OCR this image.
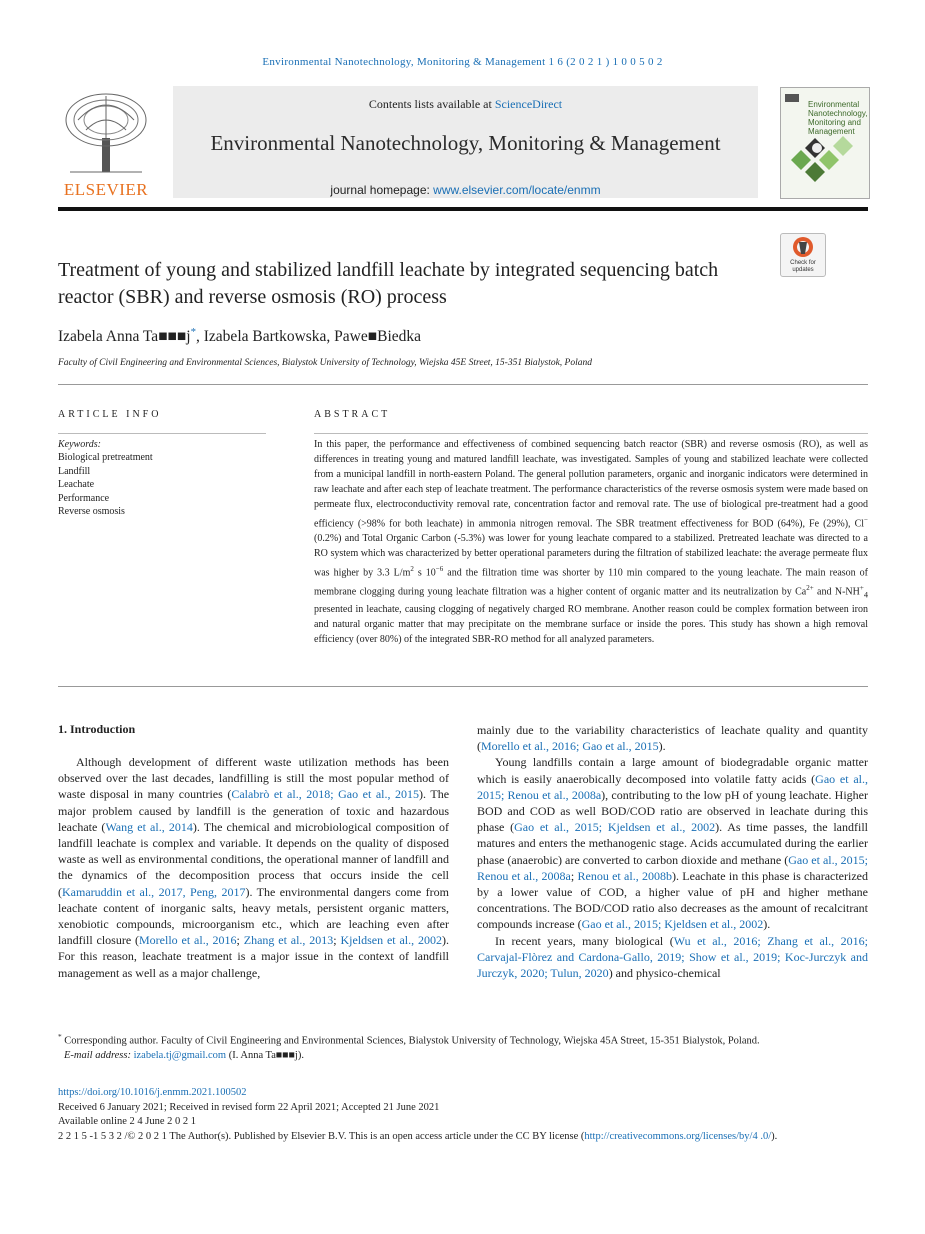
Environmental Nanotechnology, Monitoring & Management 1 6 (2 0 2 1 ) 1 0 0 5 0 2
ELSEVIER
Contents lists available at ScienceDirect
Environmental Nanotechnology, Monitoring & Management
journal homepage: www.elsevier.com/locate/enmm
Environmental Nanotechnology, Monitoring and Management
Treatment of young and stabilized landfill leachate by integrated sequencing batch reactor (SBR) and reverse osmosis (RO) process
Check for updates
Izabela Anna Ta■■■j*, Izabela Bartkowska, Pawe■Biedka
Faculty of Civil Engineering and Environmental Sciences, Bialystok University of Technology, Wiejska 45E Street, 15-351 Bialystok, Poland
ARTICLE INFO
Keywords:
Biological pretreatment
Landfill
Leachate
Performance
Reverse osmosis
ABSTRACT
In this paper, the performance and effectiveness of combined sequencing batch reactor (SBR) and reverse osmosis (RO), as well as differences in treating young and matured landfill leachate, was investigated. Samples of young and stabilized leachate were collected from a municipal landfill in north-eastern Poland. The general pollution parameters, organic and inorganic indicators were determined in raw leachate and after each step of leachate treatment. The performance characteristics of the reverse osmosis system were made based on permeate flux, electroconductivity removal rate, concentration factor and removal rate. The use of biological pre-treatment had a good efficiency (>98% for both leachate) in ammonia nitrogen removal. The SBR treatment effectiveness for BOD (64%), Fe (29%), Cl− (0.2%) and Total Organic Carbon (-5.3%) was lower for young leachate compared to a stabilized. Pretreated leachate was directed to a RO system which was characterized by better operational parameters during the filtration of stabilized leachate: the average permeate flux was higher by 3.3 $L/m^2$ s $10^{-6}$ and the filtration time was shorter by 110 min compared to the young leachate. The main reason of membrane clogging during young leachate filtration was a higher content of organic matter and its neutralization by $Ca^{2+}$ and $N-NH^+_4$ presented in leachate, causing clogging of negatively charged RO membrane. Another reason could be complex formation between iron and natural organic matter that may precipitate on the membrane surface or inside the pores. This study has shown a high removal efficiency (over 80%) of the integrated SBR-RO method for all analyzed parameters.
1. Introduction

Although development of different waste utilization methods has been observed over the last decades, landfilling is still the most popular method of waste disposal in many countries (Calabrò et al., 2018; Gao et al., 2015). The major problem caused by landfill is the generation of toxic and hazardous leachate (Wang et al., 2014). The chemical and microbiological composition of landfill leachate is complex and variable. It depends on the quality of disposed waste as well as environmental conditions, the operational manner of landfill and the dynamics of the decomposition process that occurs inside the cell (Kamaruddin et al., 2017, Peng, 2017). The environmental dangers come from leachate content of inorganic salts, heavy metals, persistent organic matters, xenobiotic compounds, microorganism etc., which are leaching even after landfill closure (Morello et al., 2016; Zhang et al., 2013; Kjeldsen et al., 2002). For this reason, leachate treatment is a major issue in the context of landfill management as well as a major challenge,

mainly due to the variability characteristics of leachate quality and quantity (Morello et al., 2016; Gao et al., 2015).

Young landfills contain a large amount of biodegradable organic matter which is easily anaerobically decomposed into volatile fatty acids (Gao et al., 2015; Renou et al., 2008a), contributing to the low pH of young leachate. Higher BOD and COD as well BOD/COD ratio are observed in leachate during this phase (Gao et al., 2015; Kjeldsen et al., 2002). As time passes, the landfill matures and enters the methanogenic stage. Acids accumulated during the earlier phase (anaerobic) are converted to carbon dioxide and methane (Gao et al., 2015; Renou et al., 2008a; Renou et al., 2008b). Leachate in this phase is characterized by a lower value of COD, a higher value of pH and higher methane concentrations. The BOD/COD ratio also decreases as the amount of recalcitrant compounds increase (Gao et al., 2015; Kjeldsen et al., 2002).

In recent years, many biological (Wu et al., 2016; Zhang et al., 2016; Carvajal-Flòrez and Cardona-Gallo, 2019; Show et al., 2019; Koc-Jurczyk and Jurczyk, 2020; Tulun, 2020) and physico-chemical

* Corresponding author. Faculty of Civil Engineering and Environmental Sciences, Bialystok University of Technology, Wiejska 45A Street, 15-351 Bialystok, Poland.
E-mail address: izabela.tj@gmail.com (I. Anna Ta■■■j).
https://doi.org/10.1016/j.enmm.2021.100502
Received 6 January 2021; Received in revised form 22 April 2021; Accepted 21 June 2021
Available online 2 4 June 2 0 2 1
2 2 1 5 -1 5 3 2 /© 2 0 2 1 The Author(s). Published by Elsevier B.V. This is an open access article under the CC BY license (http://creativecommons.org/licenses/by/4 .0/).
